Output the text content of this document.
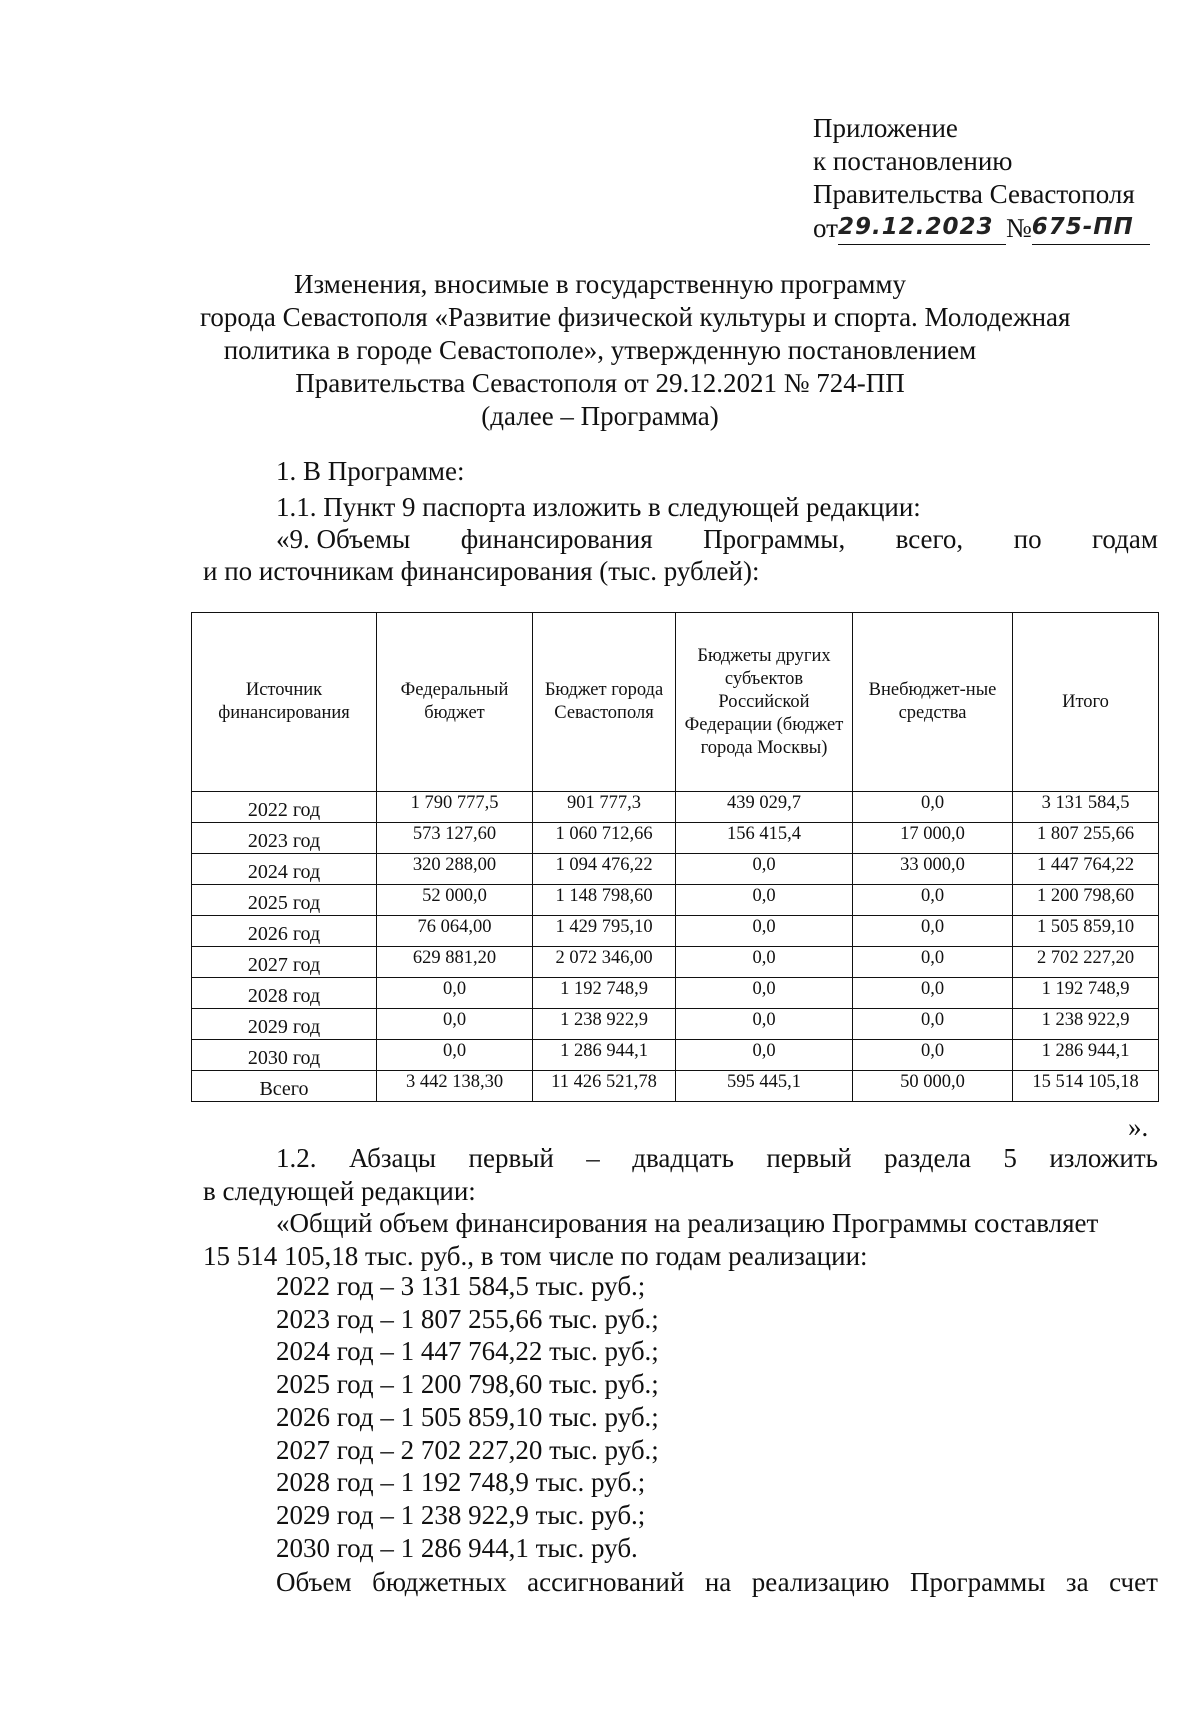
Приложение
к постановлению
Правительства Севастополя
от 29.12.2023 № 675-ПП
Изменения, вносимые в государственную программу
города Севастополя «Развитие физической культуры и спорта. Молодежная
политика в городе Севастополе», утвержденную постановлением
Правительства Севастополя от 29.12.2021 № 724-ПП
(далее – Программа)
1. В Программе:
1.1. Пункт 9 паспорта изложить в следующей редакции:
«9. Объемы финансирования Программы, всего, по годам
и по источникам финансирования (тыс. рублей):
Источник финансирования	Федеральный бюджет	Бюджет города Севастополя	Бюджеты других субъектов Российской Федерации (бюджет города Москвы)	Внебюджет-ные средства	Итого
2022 год	1 790 777,5	901 777,3	439 029,7	0,0	3 131 584,5
2023 год	573 127,60	1 060 712,66	156 415,4	17 000,0	1 807 255,66
2024 год	320 288,00	1 094 476,22	0,0	33 000,0	1 447 764,22
2025 год	52 000,0	1 148 798,60	0,0	0,0	1 200 798,60
2026 год	76 064,00	1 429 795,10	0,0	0,0	1 505 859,10
2027 год	629 881,20	2 072 346,00	0,0	0,0	2 702 227,20
2028 год	0,0	1 192 748,9	0,0	0,0	1 192 748,9
2029 год	0,0	1 238 922,9	0,0	0,0	1 238 922,9
2030 год	0,0	1 286 944,1	0,0	0,0	1 286 944,1
Всего	3 442 138,30	11 426 521,78	595 445,1	50 000,0	15 514 105,18
».
1.2. Абзацы первый – двадцать первый раздела 5 изложить
в следующей редакции:
«Общий объем финансирования на реализацию Программы составляет
15 514 105,18 тыс. руб., в том числе по годам реализации:
2022 год – 3 131 584,5 тыс. руб.;
2023 год – 1 807 255,66 тыс. руб.;
2024 год – 1 447 764,22 тыс. руб.;
2025 год – 1 200 798,60 тыс. руб.;
2026 год – 1 505 859,10 тыс. руб.;
2027 год – 2 702 227,20 тыс. руб.;
2028 год – 1 192 748,9 тыс. руб.;
2029 год – 1 238 922,9 тыс. руб.;
2030 год – 1 286 944,1 тыс. руб.
Объем бюджетных ассигнований на реализацию Программы за счет
